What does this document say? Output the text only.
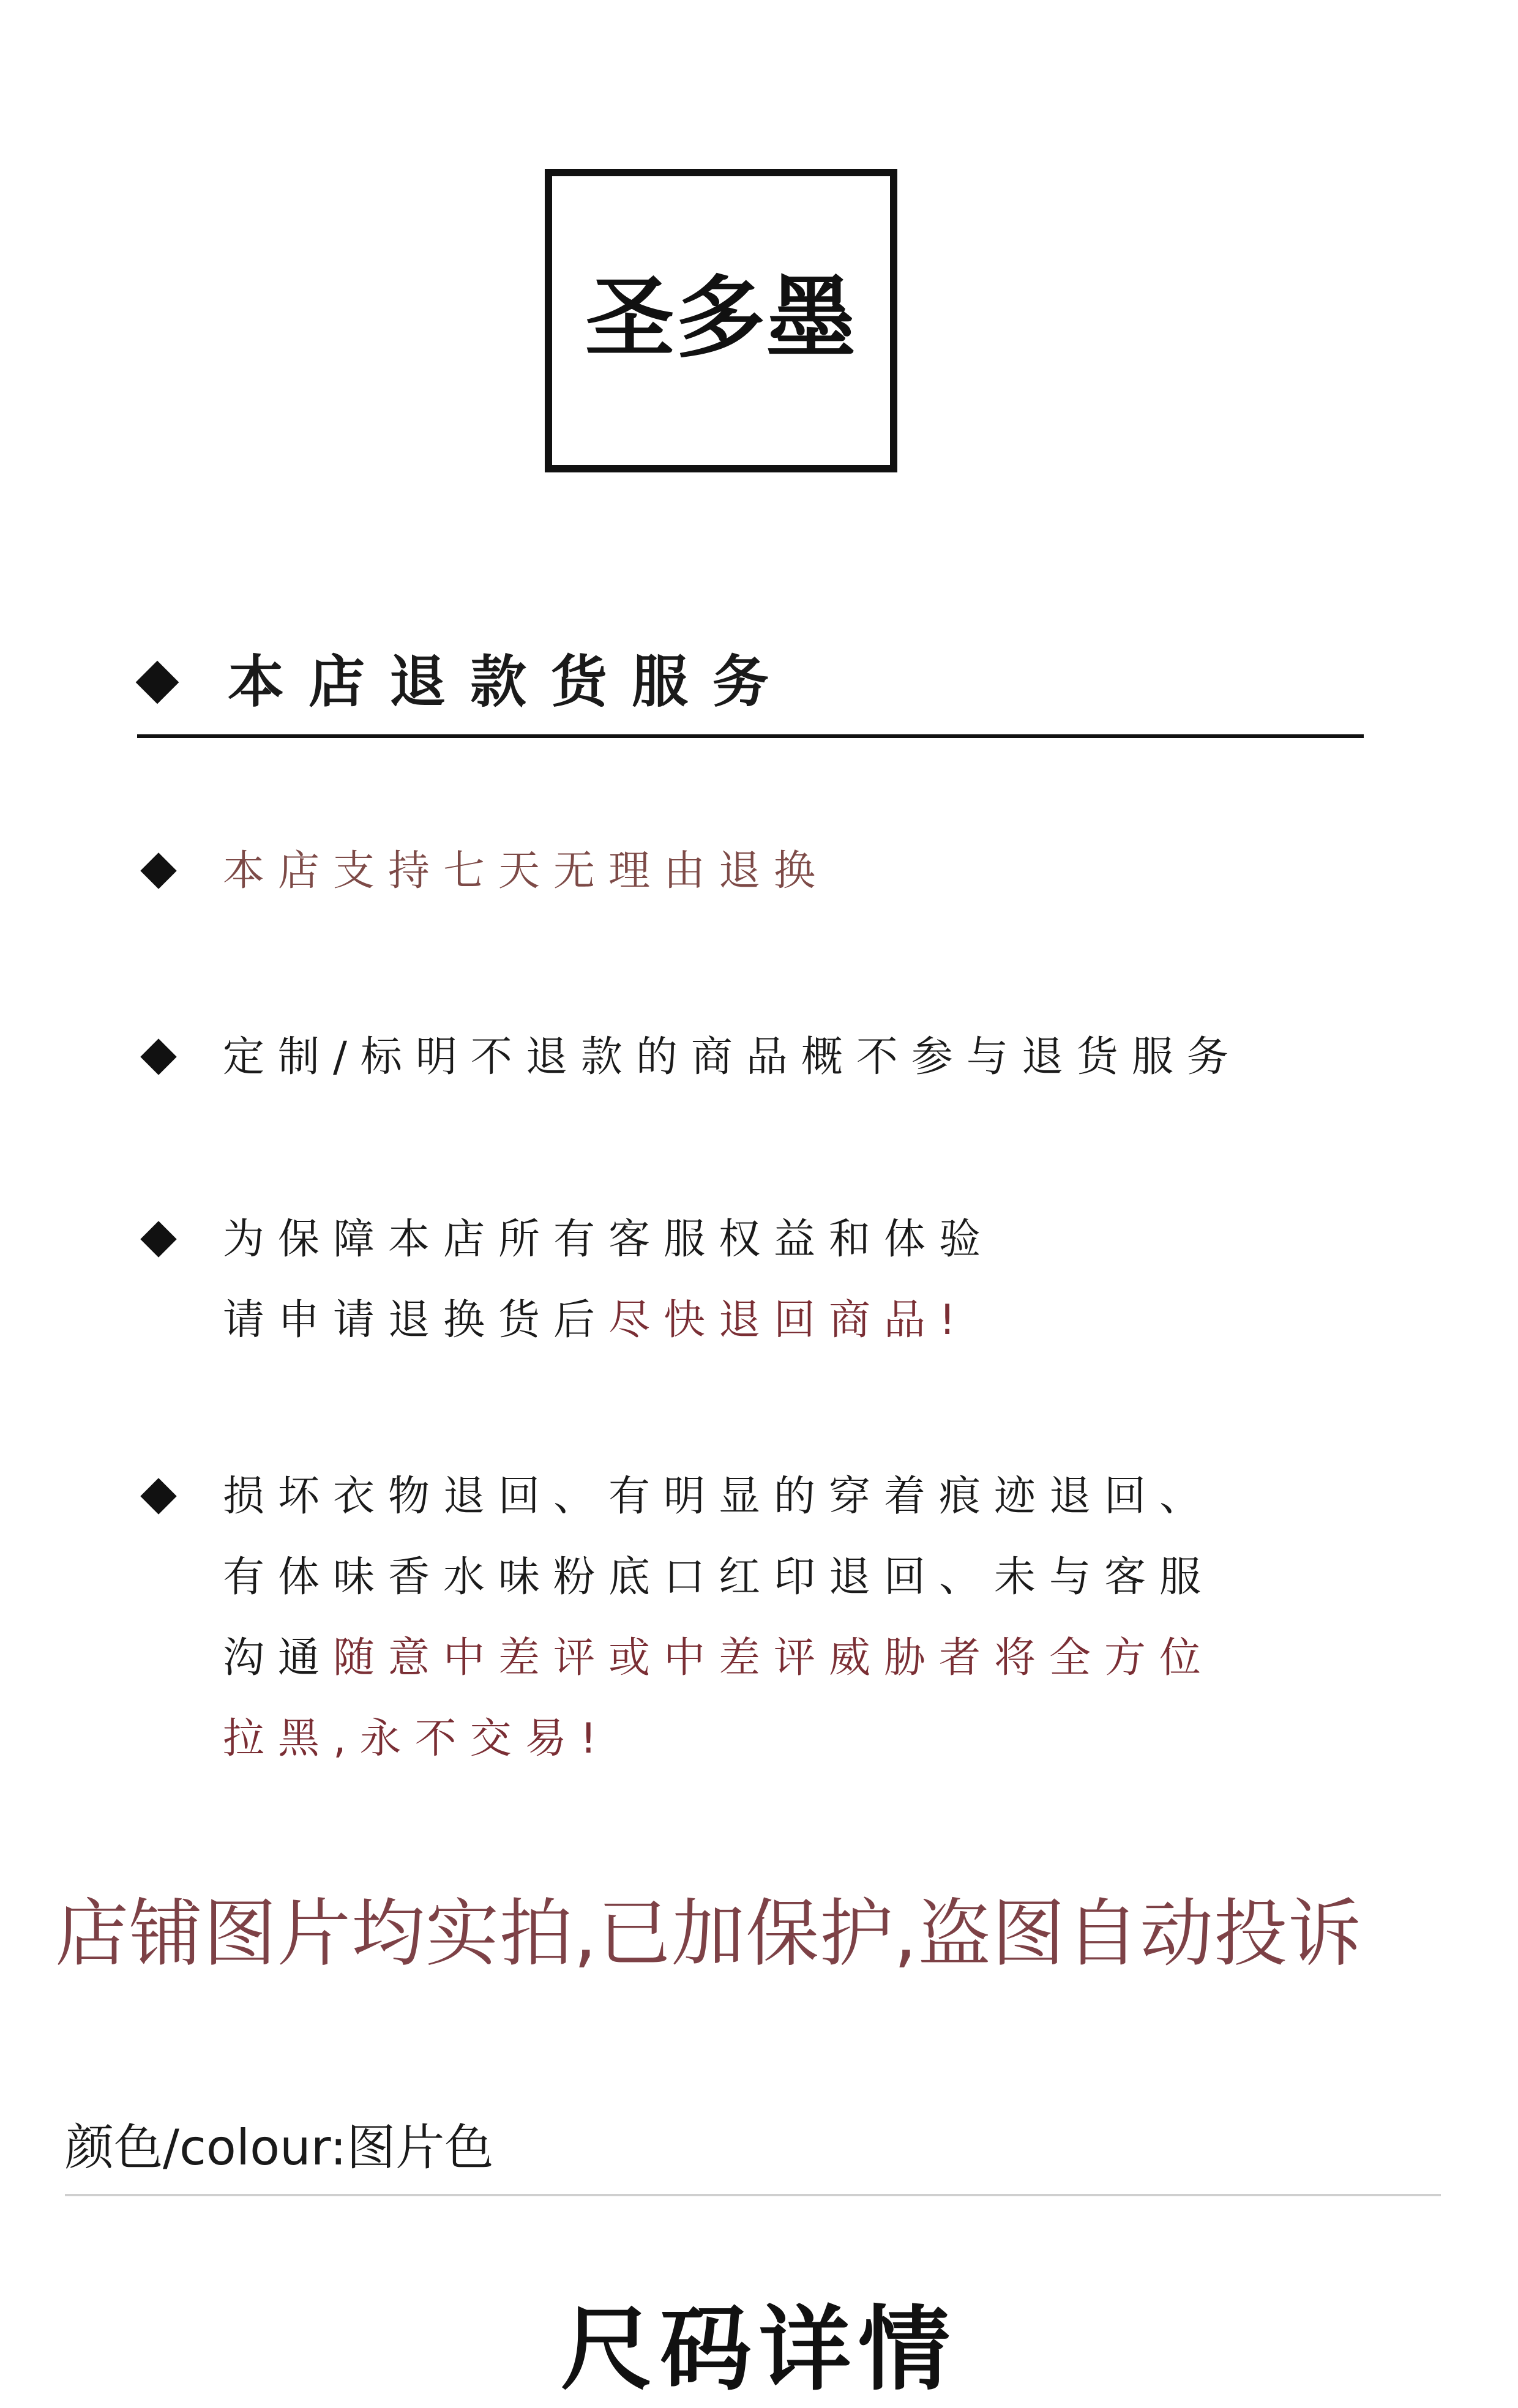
圣多墨
本店退款货服务
本店支持七天无理由退换
定制/标明不退款的商品概不参与退货服务
为保障本店所有客服权益和体验
请申请退换货后尽快退回商品!
损坏衣物退回、有明显的穿着痕迹退回、
有体味香水味粉底口红印退回、未与客服
沟通随意中差评或中差评威胁者将全方位
拉黑,永不交易!
店铺图片均实拍,已加保护,盗图自动投诉
颜色/colour:图片色
尺码详情
